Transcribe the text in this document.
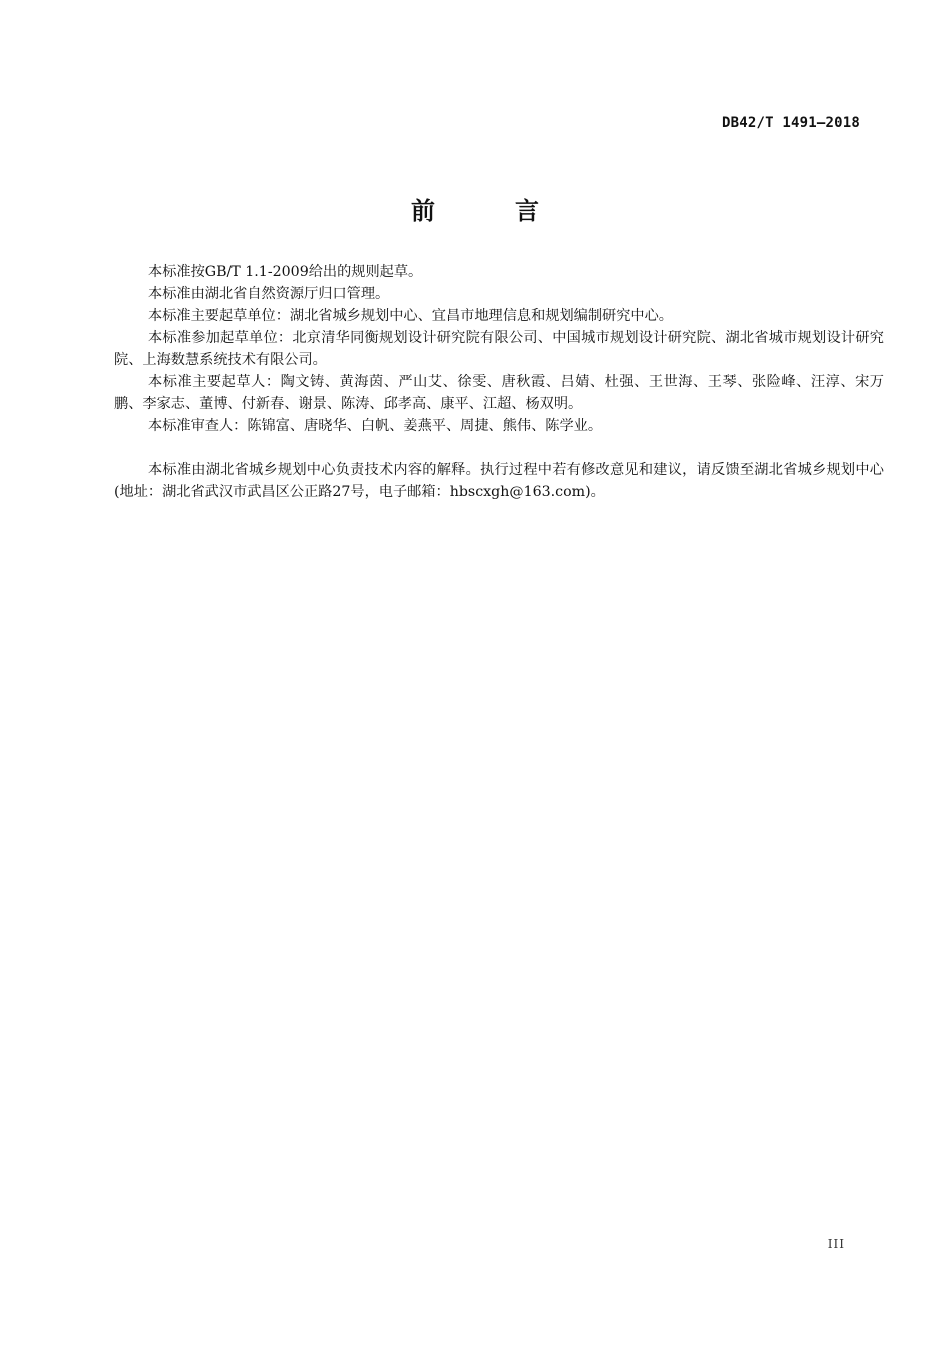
DB42/T 1491—2018
前　言

本标准按GB/T 1.1-2009给出的规则起草。

本标准由湖北省自然资源厅归口管理。

本标准主要起草单位：湖北省城乡规划中心、宜昌市地理信息和规划编制研究中心。

本标准参加起草单位：北京清华同衡规划设计研究院有限公司、中国城市规划设计研究院、湖北省城市规划设计研究院、上海数慧系统技术有限公司。

本标准主要起草人：陶文铸、黄海茵、严山艾、徐雯、唐秋霞、吕婧、杜强、王世海、王琴、张险峰、汪淳、宋万鹏、李家志、董博、付新春、谢景、陈涛、邱孝高、康平、江超、杨双明。

本标准审查人：陈锦富、唐晓华、白帆、姜燕平、周捷、熊伟、陈学业。

本标准由湖北省城乡规划中心负责技术内容的解释。执行过程中若有修改意见和建议，请反馈至湖北省城乡规划中心(地址：湖北省武汉市武昌区公正路27号，电子邮箱：hbscxgh@163.com)。

III
